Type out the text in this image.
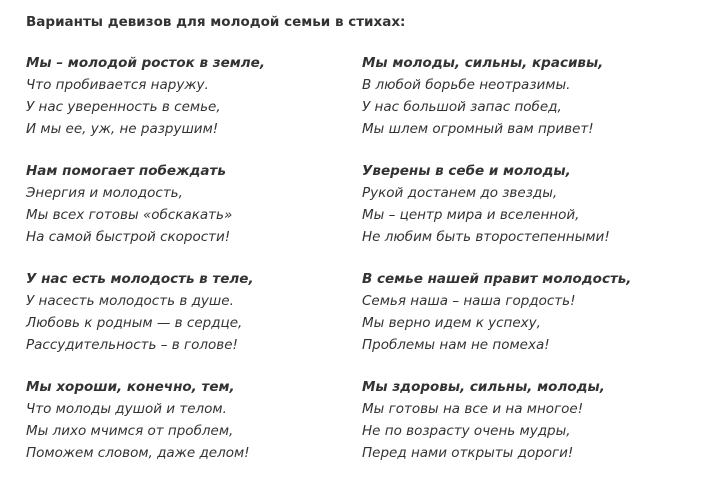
Варианты девизов для молодой семьи в стихах:
Мы – молодой росток в земле,
Что пробивается наружу.
У нас уверенность в семье,
И мы ее, уж, не разрушим!
Нам помогает побеждать
Энергия и молодость,
Мы всех готовы «обскакать»
На самой быстрой скорости!
У нас есть молодость в теле,
У насесть молодость в душе.
Любовь к родным — в сердце,
Рассудительность – в голове!
Мы хороши, конечно, тем,
Что молоды душой и телом.
Мы лихо мчимся от проблем,
Поможем словом, даже делом!
Мы молоды, сильны, красивы,
В любой борьбе неотразимы.
У нас большой запас побед,
Мы шлем огромный вам привет!
Уверены в себе и молоды,
Рукой достанем до звезды,
Мы – центр мира и вселенной,
Не любим быть второстепенными!
В семье нашей правит молодость,
Семья наша – наша гордость!
Мы верно идем к успеху,
Проблемы нам не помеха!
Мы здоровы, сильны, молоды,
Мы готовы на все и на многое!
Не по возрасту очень мудры,
Перед нами открыты дороги!
